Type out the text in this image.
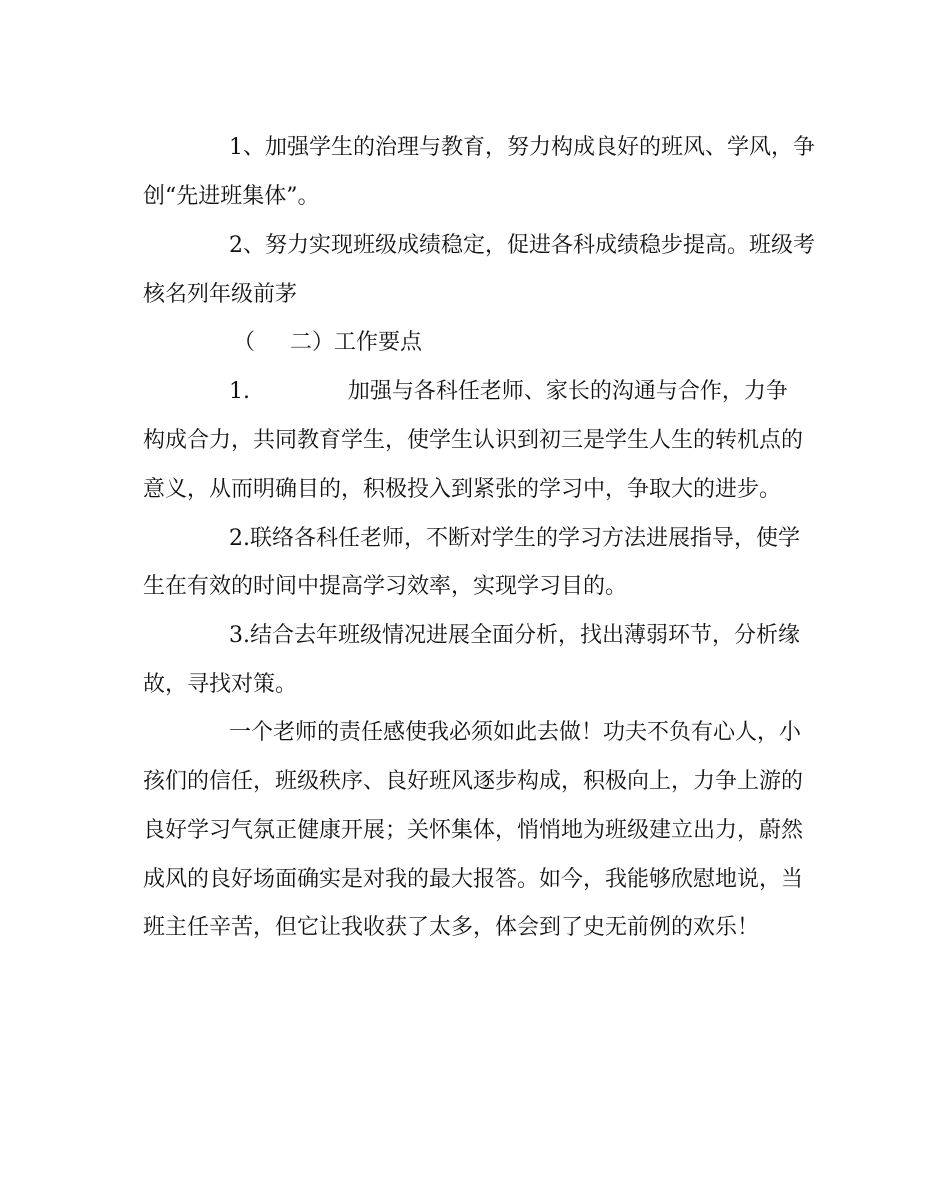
1、加强学生的治理与教育，努力构成良好的班风、学风，争

创“先进班集体”。

2、努力实现班级成绩稳定，促进各科成绩稳步提高。班级考

核名列年级前茅

（     二）工作要点

1.              加强与各科任老师、家长的沟通与合作，力争

构成合力，共同教育学生，使学生认识到初三是学生人生的转机点的

意义，从而明确目的，积极投入到紧张的学习中，争取大的进步。

2.联络各科任老师，不断对学生的学习方法进展指导，使学

生在有效的时间中提高学习效率，实现学习目的。

3.结合去年班级情况进展全面分析，找出薄弱环节，分析缘

故，寻找对策。

一个老师的责任感使我必须如此去做！功夫不负有心人，小

孩们的信任，班级秩序、良好班风逐步构成，积极向上，力争上游的

良好学习气氛正健康开展；关怀集体，悄悄地为班级建立出力，蔚然

成风的良好场面确实是对我的最大报答。如今，我能够欣慰地说，当

班主任辛苦，但它让我收获了太多，体会到了史无前例的欢乐！
